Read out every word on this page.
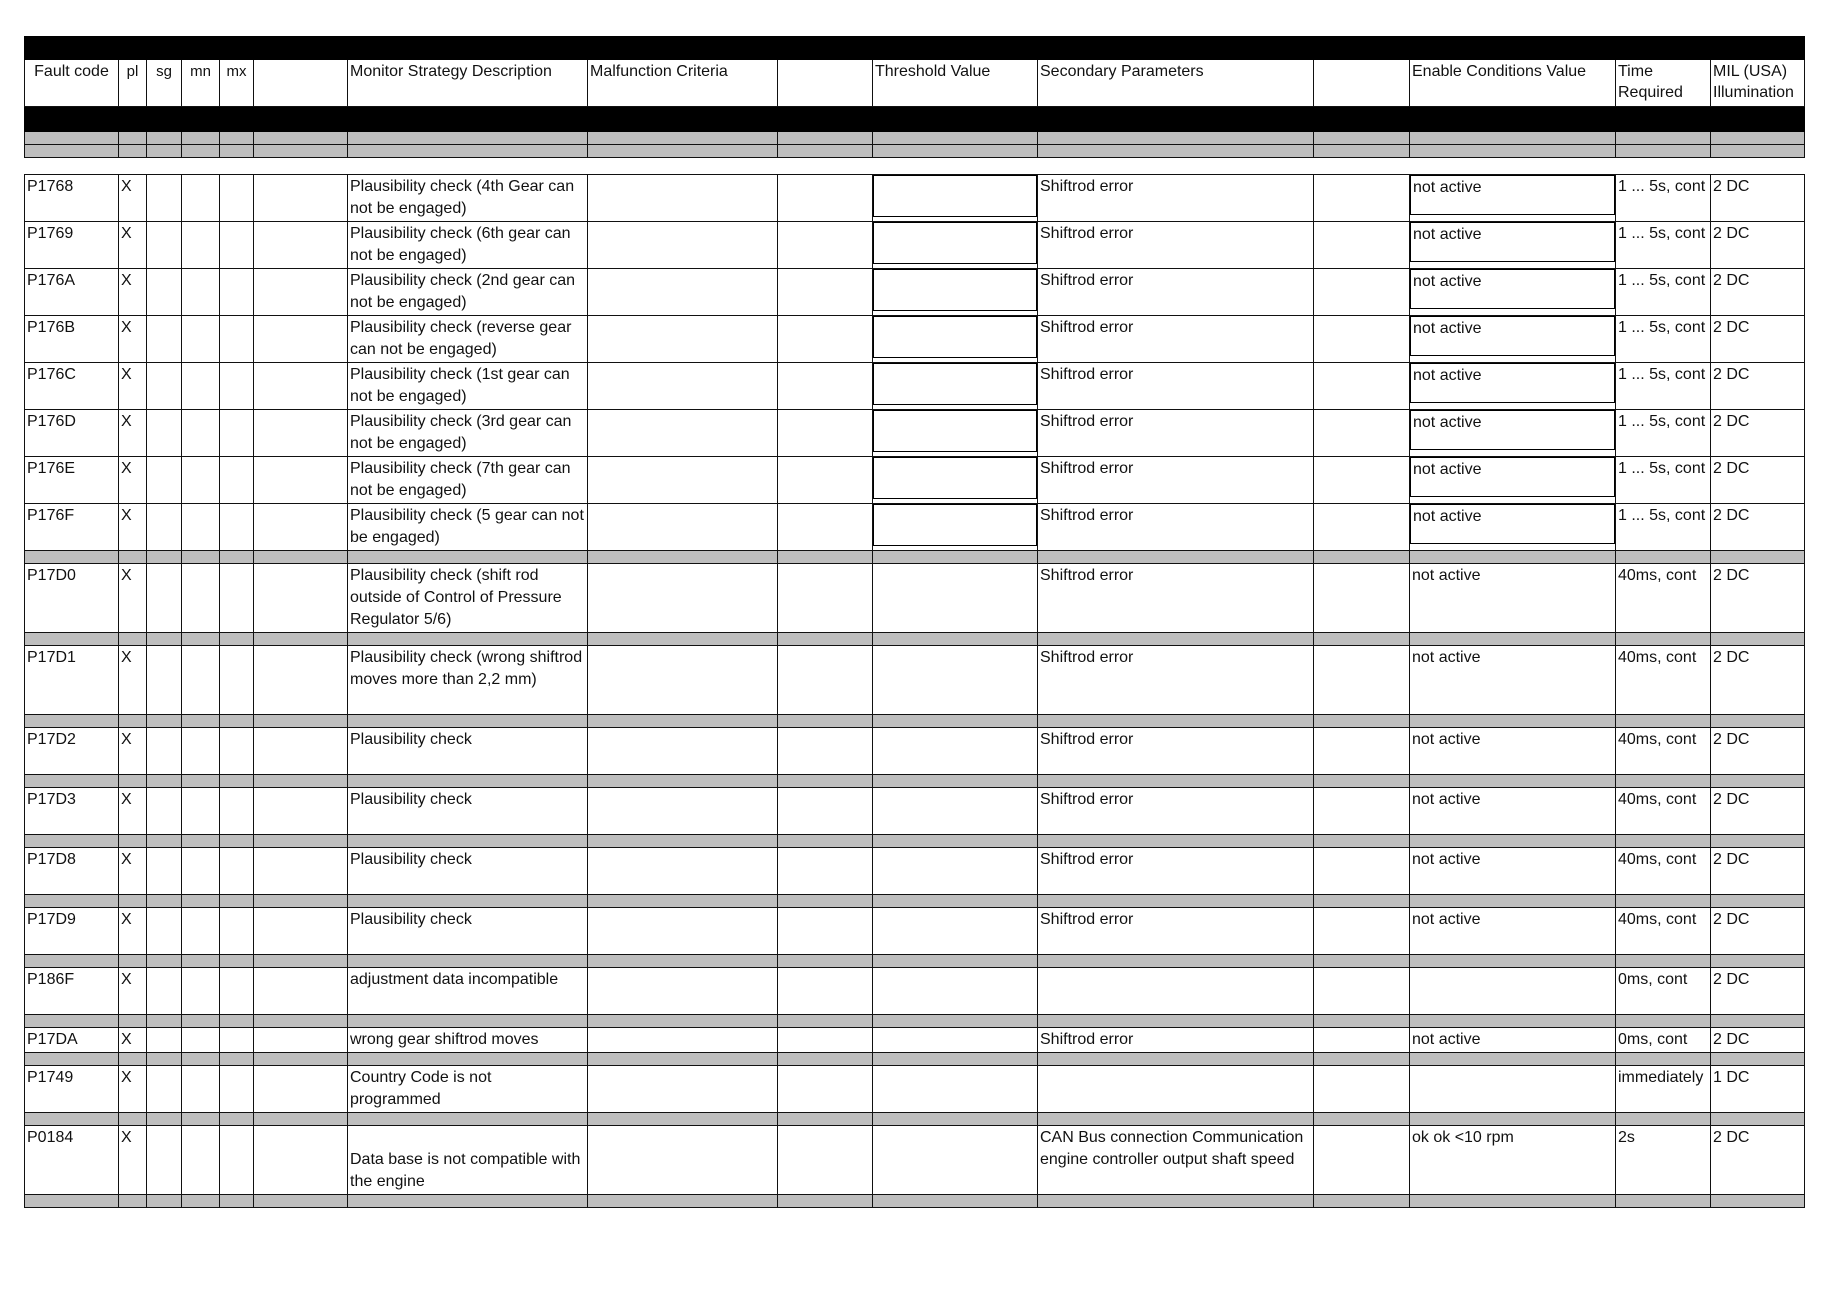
Fault code	pl	sg	mn	mx		Monitor Strategy Description	Malfunction Criteria		Threshold Value	Secondary Parameters		Enable Conditions Value	Time Required	MIL (USA) Illumination

P1768	X					Plausibility check (4th Gear can not be engaged)				Shiftrod error		not active	1 ... 5s, cont	2 DC
P1769	X					Plausibility check (6th gear can not be engaged)				Shiftrod error		not active	1 ... 5s, cont	2 DC
P176A	X					Plausibility check (2nd gear can not be engaged)				Shiftrod error		not active	1 ... 5s, cont	2 DC
P176B	X					Plausibility check (reverse gear can not be engaged)				Shiftrod error		not active	1 ... 5s, cont	2 DC
P176C	X					Plausibility check (1st gear can not be engaged)				Shiftrod error		not active	1 ... 5s, cont	2 DC
P176D	X					Plausibility check (3rd gear can not be engaged)				Shiftrod error		not active	1 ... 5s, cont	2 DC
P176E	X					Plausibility check (7th gear can not be engaged)				Shiftrod error		not active	1 ... 5s, cont	2 DC
P176F	X					Plausibility check (5 gear can not be engaged)				Shiftrod error		not active	1 ... 5s, cont	2 DC

P17D0	X					Plausibility check (shift rod outside of Control of Pressure Regulator 5/6)				Shiftrod error		not active	40ms, cont	2 DC

P17D1	X					Plausibility check (wrong shiftrod moves more than 2,2 mm)				Shiftrod error		not active	40ms, cont	2 DC

P17D2	X					Plausibility check				Shiftrod error		not active	40ms, cont	2 DC

P17D3	X					Plausibility check				Shiftrod error		not active	40ms, cont	2 DC

P17D8	X					Plausibility check				Shiftrod error		not active	40ms, cont	2 DC

P17D9	X					Plausibility check				Shiftrod error		not active	40ms, cont	2 DC

P186F	X					adjustment data incompatible							0ms, cont	2 DC

P17DA	X					wrong gear shiftrod moves				Shiftrod error		not active	0ms, cont	2 DC

P1749	X					Country Code is not programmed							immediately	1 DC

P0184	X					Data base is not compatible with the engine				CAN Bus connection Communication engine controller output shaft speed		ok ok <10 rpm	2s	2 DC
